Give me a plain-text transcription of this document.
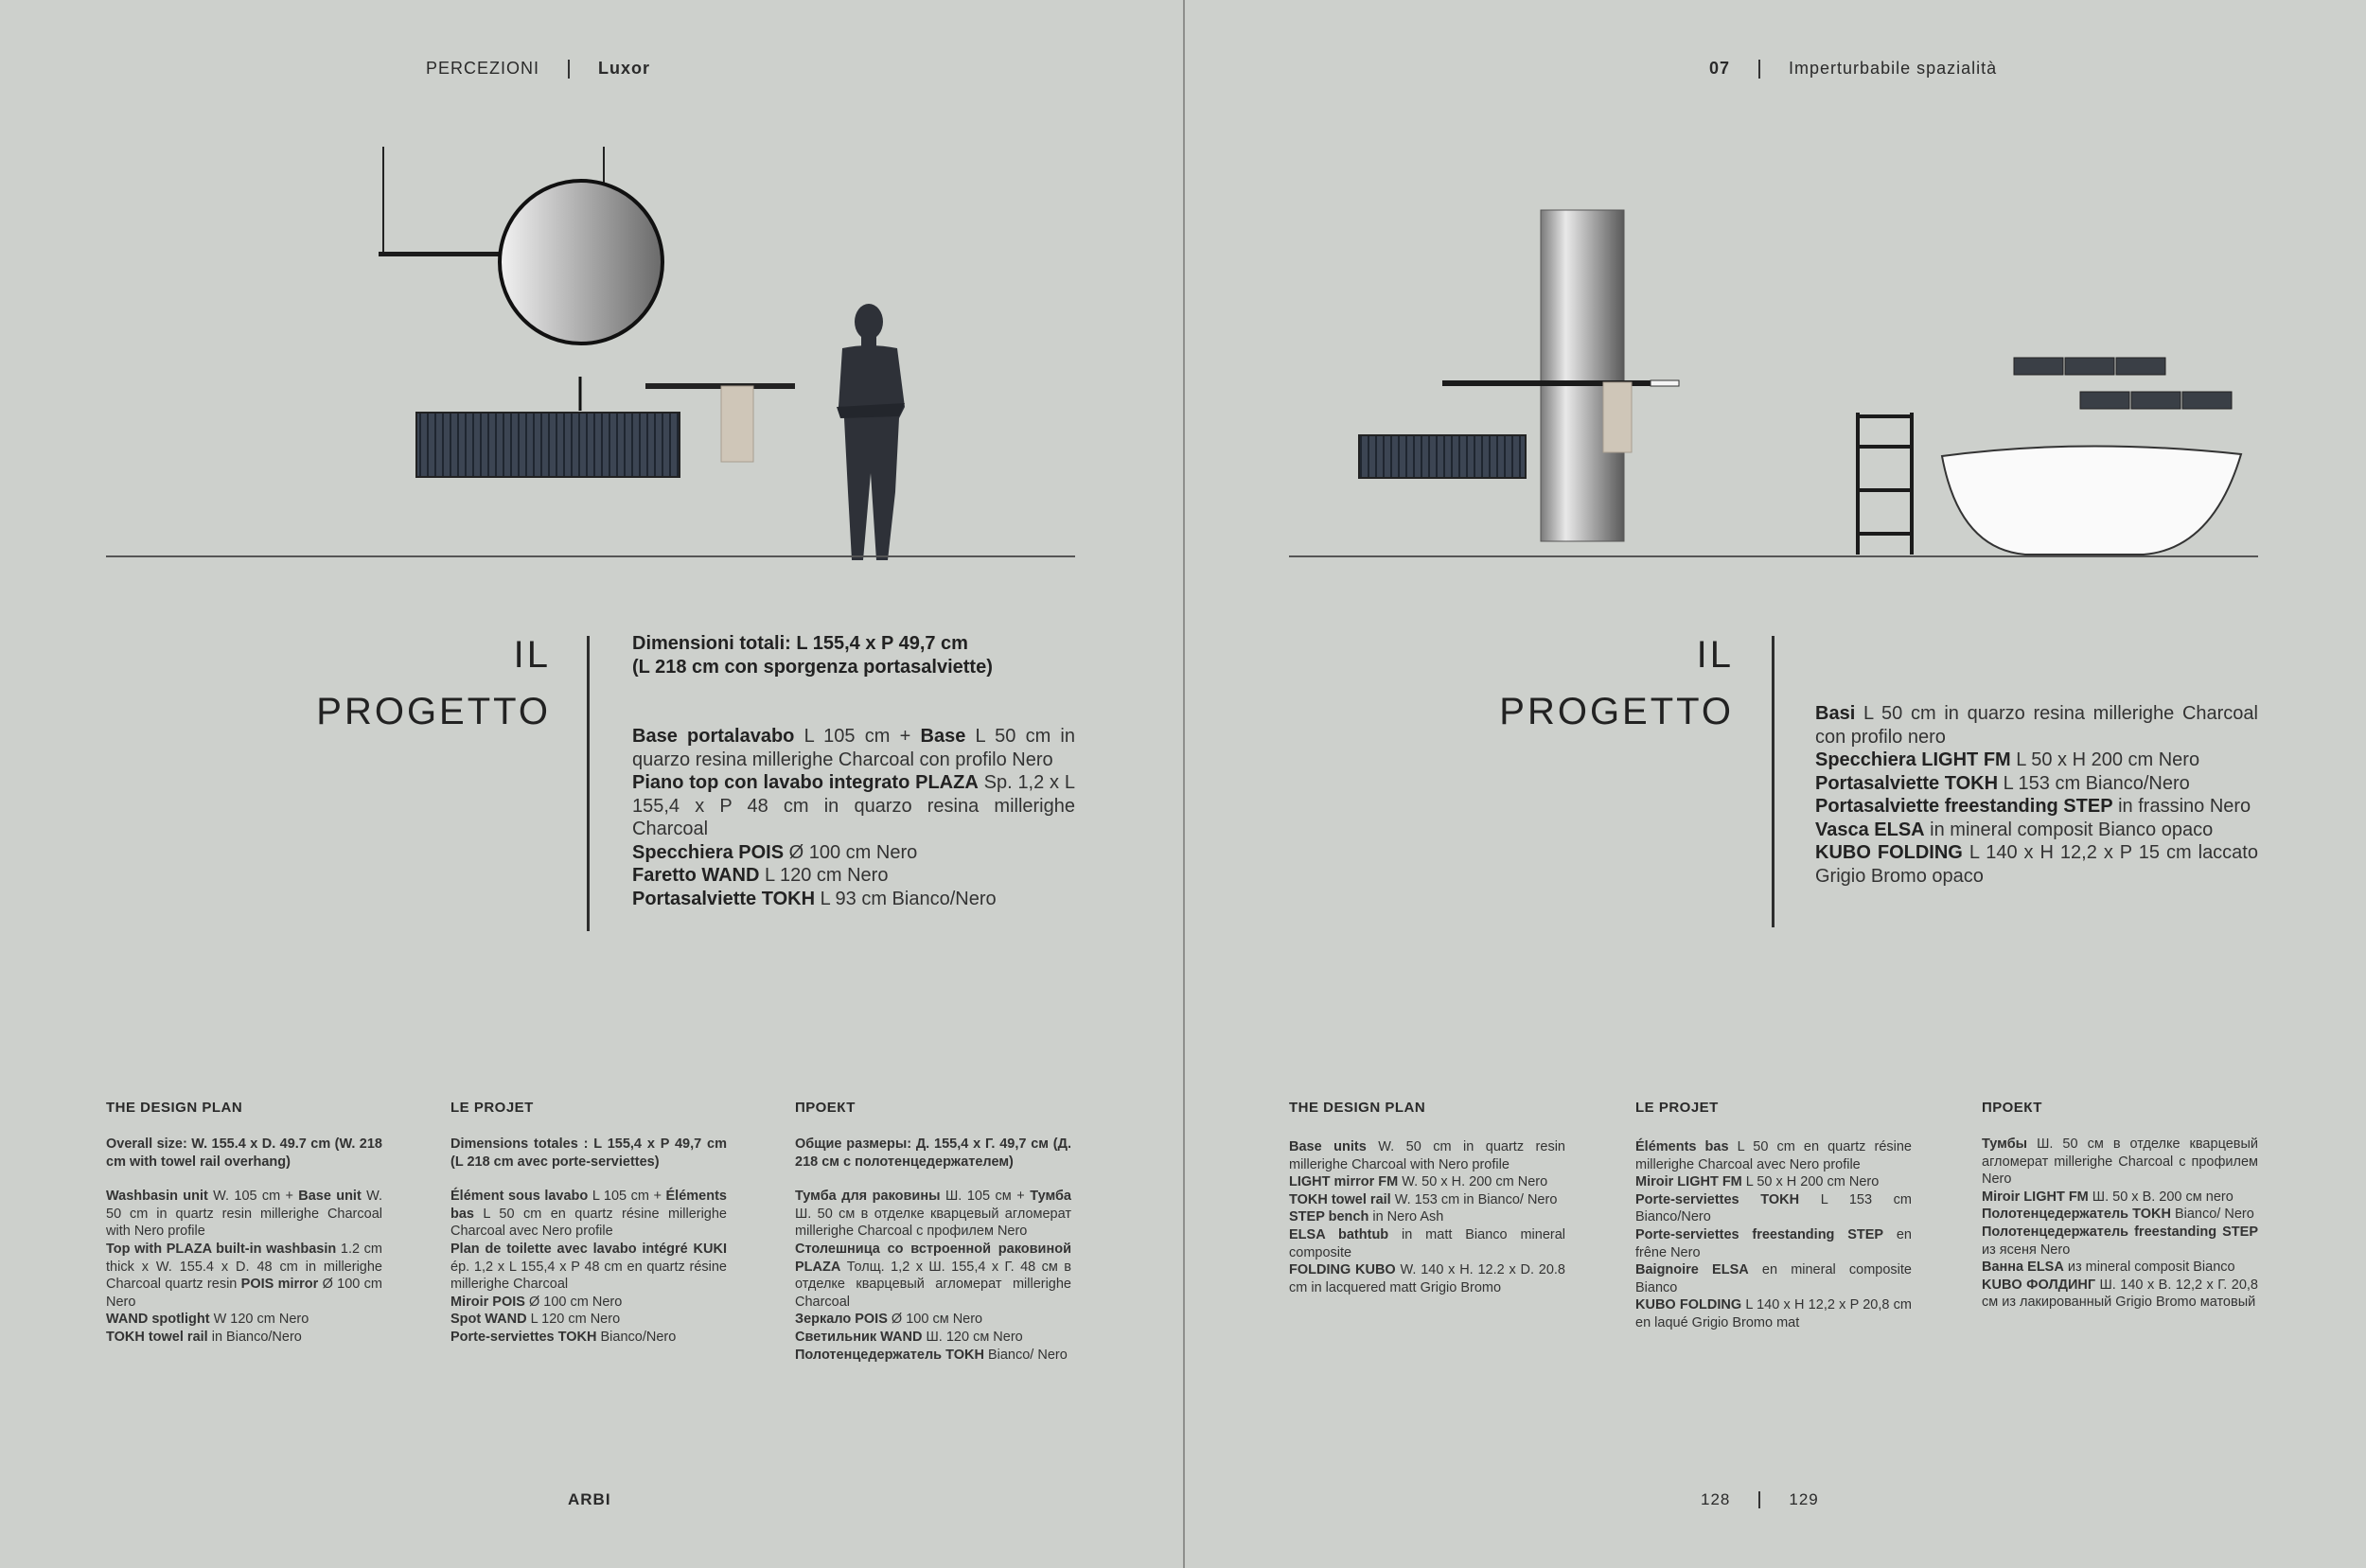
PERCEZIONI	Luxor
IL
PROGETTO

Dimensioni totali: L 155,4 x P 49,7 cm

(L 218 cm con sporgenza portasalviette)

Base portalavabo L 105 cm + Base L 50 cm in quarzo resina millerighe Charcoal con profilo Nero

Piano top con lavabo integrato PLAZA Sp. 1,2 x L 155,4 x P 48 cm in quarzo resina millerighe Charcoal

Specchiera POIS Ø 100 cm Nero

Faretto WAND L 120 cm Nero

Portasalviette TOKH L 93 cm Bianco/Nero

THE DESIGN PLAN

Overall size: W. 155.4 x D. 49.7 cm (W. 218 cm with towel rail overhang)

Washbasin unit W. 105 cm + Base unit W. 50 cm in quartz resin millerighe Charcoal with Nero profile

Top with PLAZA built-in washbasin 1.2 cm thick x W. 155.4 x D. 48 cm in millerighe Charcoal quartz resin POIS mirror Ø 100 cm Nero

WAND spotlight W 120 cm Nero

TOKH towel rail in Bianco/Nero

LE PROJET

Dimensions totales : L 155,4 x P 49,7 cm (L 218 cm avec porte-serviettes)

Élément sous lavabo L 105 cm + Éléments bas L 50 cm en quartz résine millerighe Charcoal avec Nero profile

Plan de toilette avec lavabo intégré KUKI ép. 1,2 x L 155,4 x P 48 cm en quartz résine millerighe Charcoal

Miroir POIS Ø 100 cm Nero

Spot WAND L 120 cm Nero

Porte-serviettes TOKH Bianco/Nero

ПРОЕКТ

Общие размеры: Д. 155,4 х Г. 49,7 см (Д. 218 см с полотенцедержателем)

Тумба для раковины Ш. 105 см + Тумба Ш. 50 см в отделке кварцевый агломерат millerighe Charcoal с профилем Nero

Столешница со встроенной раковиной PLAZA Толщ. 1,2 х Ш. 155,4 х Г. 48 см в отделке кварцевый агломерат millerighe Charcoal

Зеркало POIS Ø 100 см Nero

Светильник WAND Ш. 120 см Nero

Полотенцедержатель TOKH Bianco/ Nero

ARBI
07	Imperturbabile spazialità
IL
PROGETTO	Basi L 50 cm in quarzo resina millerighe Charcoal con profilo nero

Specchiera LIGHT FM L 50 x H 200 cm Nero

Portasalviette TOKH L 153 cm Bianco/Nero

Portasalviette freestanding STEP in frassino Nero

Vasca ELSA in mineral composit Bianco opaco

KUBO FOLDING L 140 x H 12,2 x P 15 cm laccato Grigio Bromo opaco

THE DESIGN PLAN

Base units W. 50 cm in quartz resin millerighe Charcoal with Nero profile

LIGHT mirror FM W. 50 x H. 200 cm Nero

TOKH towel rail W. 153 cm in Bianco/ Nero

STEP bench in Nero Ash

ELSA bathtub in matt Bianco mineral composite

FOLDING KUBO W. 140 x H. 12.2 x D. 20.8 cm in lacquered matt Grigio Bromo

LE PROJET

Éléments bas L 50 cm en quartz résine millerighe Charcoal avec Nero profile

Miroir LIGHT FM L 50 x H 200 cm Nero

Porte-serviettes TOKH L 153 cm Bianco/Nero

Porte-serviettes freestanding STEP en frêne Nero

Baignoire ELSA en mineral composite Bianco

KUBO FOLDING L 140 x H 12,2 x P 20,8 cm en laqué Grigio Bromo mat

ПРОЕКТ

Тумбы Ш. 50 см в отделке кварцевый агломерат millerighe Charcoal с профилем Nero

Miroir LIGHT FM Ш. 50 х В. 200 см nero

Полотенцедержатель TOKH Bianco/ Nero

Полотенцедержатель freestanding STEP из ясеня Nero

Ванна ELSA из mineral composit Bianco

KUBO ФОЛДИНГ Ш. 140 х В. 12,2 х Г. 20,8 см из лакированный Grigio Bromo матовый

128	129
